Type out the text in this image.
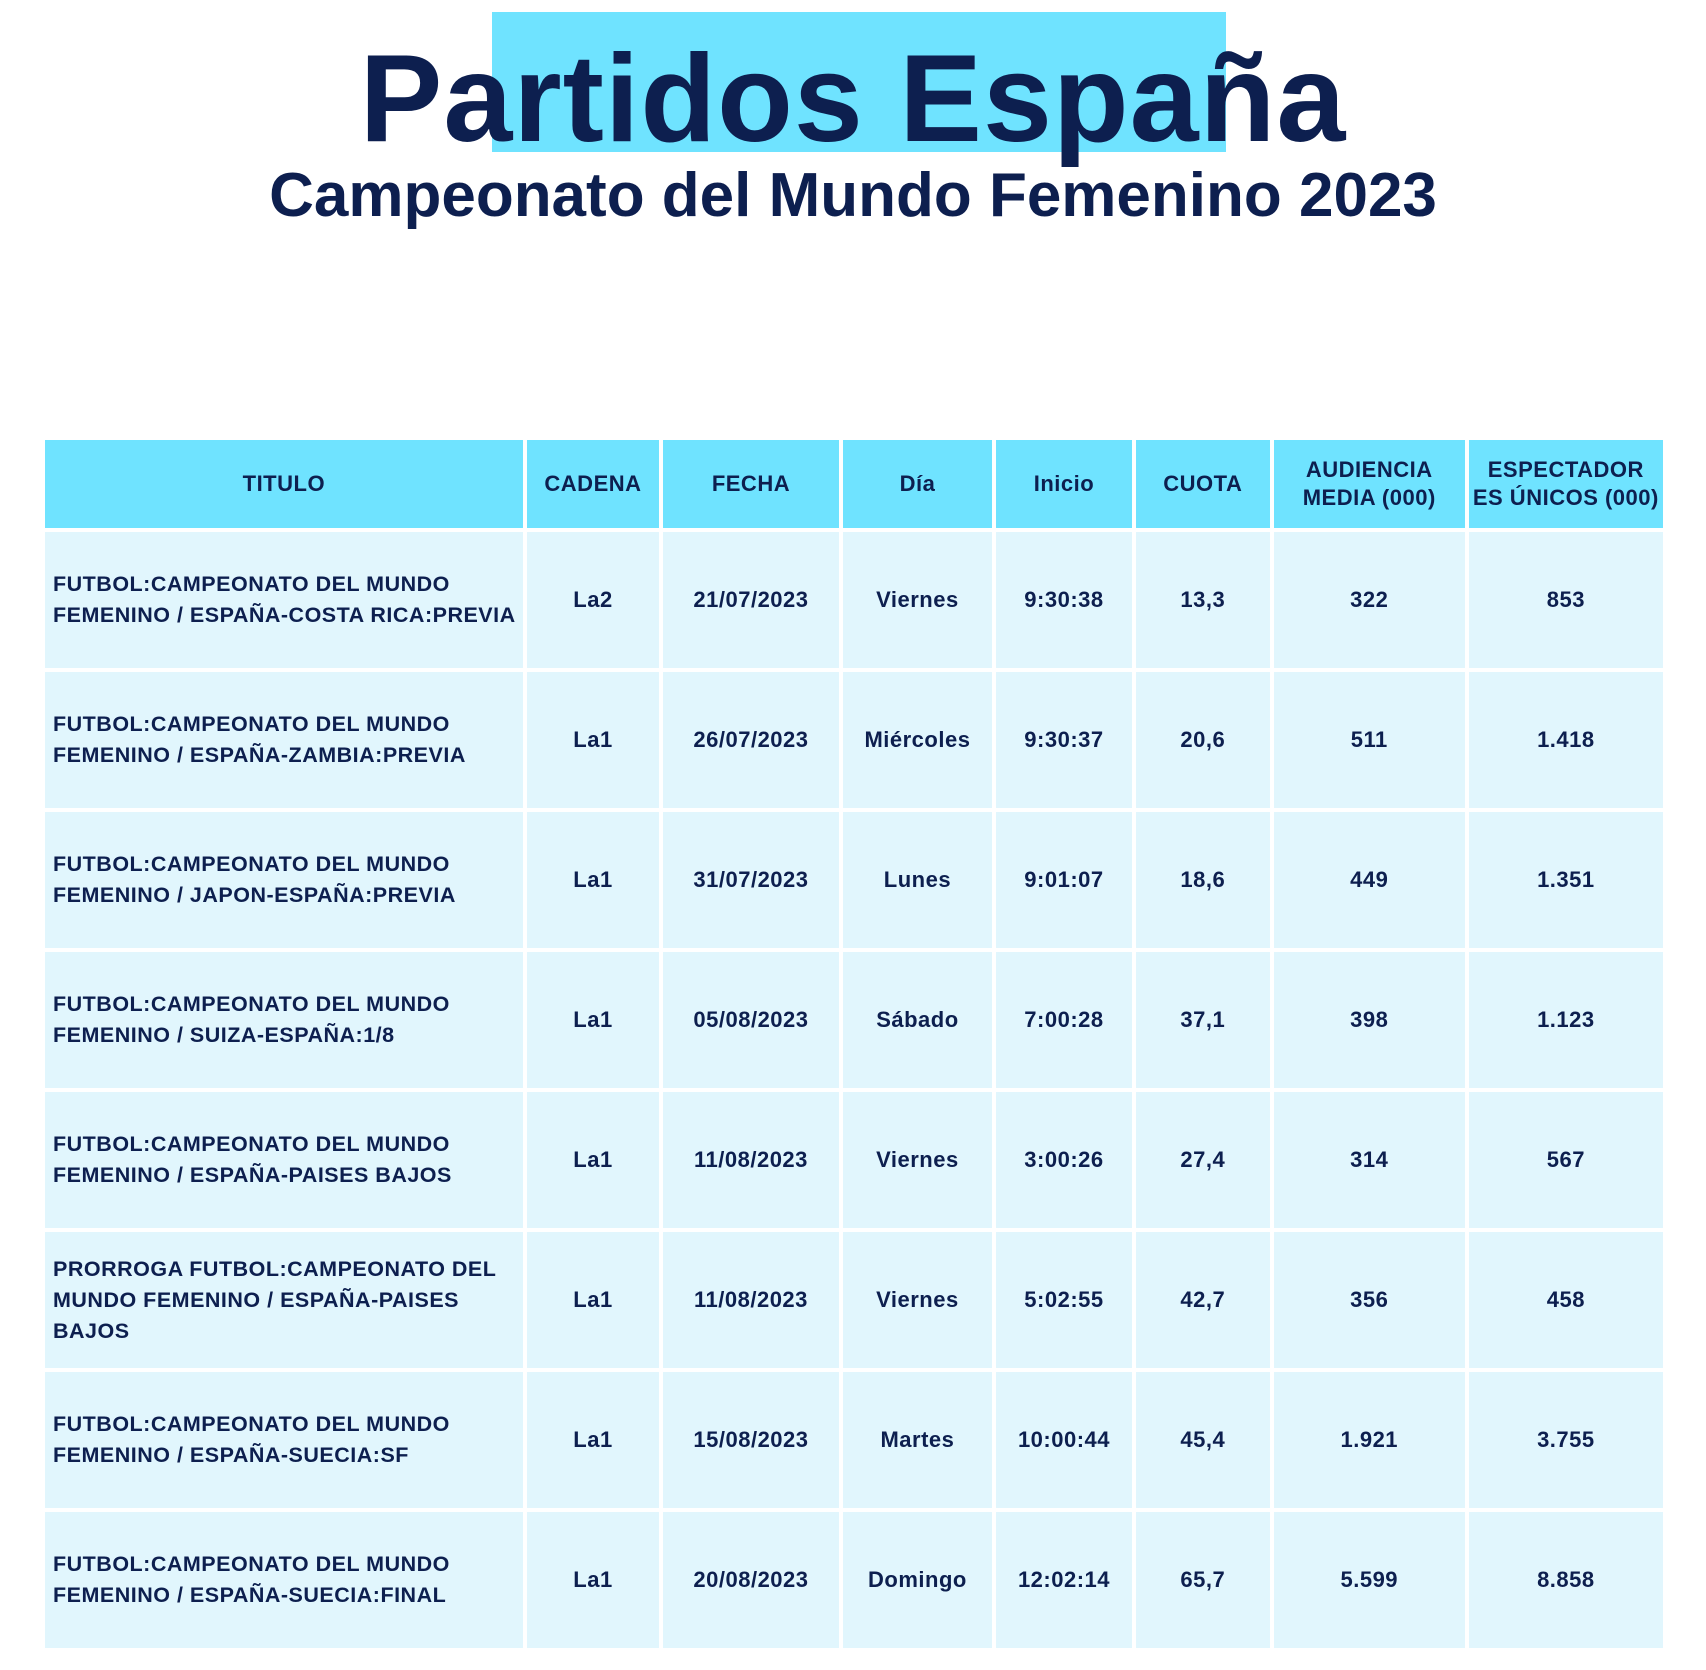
Partidos España
Campeonato del Mundo Femenino 2023
TITULO	CADENA	FECHA	Día	Inicio	CUOTA	AUDIENCIA MEDIA (000)	ESPECTADOR ES ÚNICOS (000)
FUTBOL:CAMPEONATO DEL MUNDO FEMENINO / ESPAÑA-COSTA RICA:PREVIA	La2	21/07/2023	Viernes	9:30:38	13,3	322	853
FUTBOL:CAMPEONATO DEL MUNDO FEMENINO / ESPAÑA-ZAMBIA:PREVIA	La1	26/07/2023	Miércoles	9:30:37	20,6	511	1.418
FUTBOL:CAMPEONATO DEL MUNDO FEMENINO / JAPON-ESPAÑA:PREVIA	La1	31/07/2023	Lunes	9:01:07	18,6	449	1.351
FUTBOL:CAMPEONATO DEL MUNDO FEMENINO / SUIZA-ESPAÑA:1/8	La1	05/08/2023	Sábado	7:00:28	37,1	398	1.123
FUTBOL:CAMPEONATO DEL MUNDO FEMENINO / ESPAÑA-PAISES BAJOS	La1	11/08/2023	Viernes	3:00:26	27,4	314	567
PRORROGA FUTBOL:CAMPEONATO DEL MUNDO FEMENINO / ESPAÑA-PAISES BAJOS	La1	11/08/2023	Viernes	5:02:55	42,7	356	458
FUTBOL:CAMPEONATO DEL MUNDO FEMENINO / ESPAÑA-SUECIA:SF	La1	15/08/2023	Martes	10:00:44	45,4	1.921	3.755
FUTBOL:CAMPEONATO DEL MUNDO FEMENINO / ESPAÑA-SUECIA:FINAL	La1	20/08/2023	Domingo	12:02:14	65,7	5.599	8.858
